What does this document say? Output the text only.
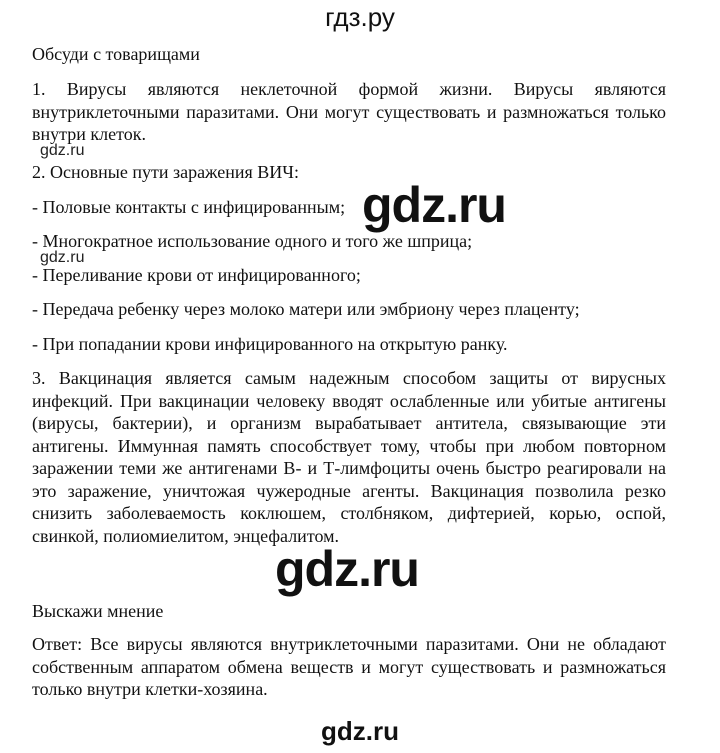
гдз.ру
Обсуди с товарищами
1. Вирусы являются неклеточной формой жизни. Вирусы являются внутриклеточными паразитами. Они могут существовать и размножаться только внутри клеток.
gdz.ru
2. Основные пути заражения ВИЧ:
- Половые контакты с инфицированным; gdz.ru
- Многократное использование одного и того же шприца;
gdz.ru
- Переливание крови от инфицированного;
- Передача ребенку через молоко матери или эмбриону через плаценту;
- При попадании крови инфицированного на открытую ранку.
3. Вакцинация является самым надежным способом защиты от вирусных инфекций. При вакцинации человеку вводят ослабленные или убитые антигены (вирусы, бактерии), и организм вырабатывает антитела, связывающие эти антигены. Иммунная память способствует тому, чтобы при любом повторном заражении теми же антигенами В- и Т-лимфоциты очень быстро реагировали на это заражение, уничтожая чужеродные агенты. Вакцинация позволила резко снизить заболеваемость коклюшем, столбняком, дифтерией, корью, оспой, свинкой, полиомиелитом, энцефалитом.
gdz.ru
Выскажи мнение
Ответ: Все вирусы являются внутриклеточными паразитами. Они не обладают собственным аппаратом обмена веществ и могут существовать и размножаться только внутри клетки-хозяина.
gdz.ru
